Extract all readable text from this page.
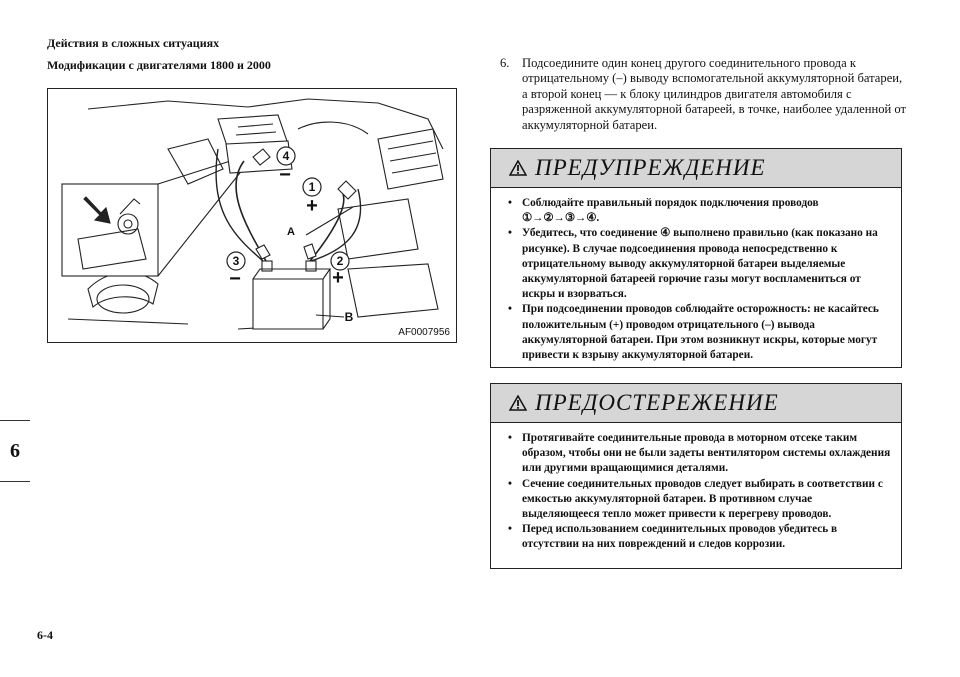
Действия в сложных ситуациях
Модификации с двигателями 1800 и 2000
4
1
3	2
A
B
−
+
−	+
AF0007956
6
6-4
6. Подсоедините один конец другого соединительного провода к отрицательному (–) выводу вспомогательной аккумуляторной батареи, а второй конец — к блоку цилиндров двигателя автомобиля с разряженной аккумуляторной батареей, в точке, наиболее удаленной от аккумуляторной батареи.
ПРЕДУПРЕЖДЕНИЕ
• Соблюдайте правильный порядок подключения проводов
①→②→③→④.
• Убедитесь, что соединение ④ выполнено правильно (как показано на рисунке). В случае подсоединения провода непосредственно к отрицательному выводу аккумуляторной батареи выделяемые аккумуляторной батареей горючие газы могут воспламениться от искры и взорваться.
• При подсоединении проводов соблюдайте осторожность: не касайтесь положительным (+) проводом отрицательного (–) вывода аккумуляторной батареи. При этом возникнут искры, которые могут привести к взрыву аккумуляторной батареи.
ПРЕДОСТЕРЕЖЕНИЕ
• Протягивайте соединительные провода в моторном отсеке таким образом, чтобы они не были задеты вентилятором системы охлаждения или другими вращающимися деталями.
• Сечение соединительных проводов следует выбирать в соответствии с емкостью аккумуляторной батареи. В противном случае выделяющееся тепло может привести к перегреву проводов.
• Перед использованием соединительных проводов убедитесь в отсутствии на них повреждений и следов коррозии.
